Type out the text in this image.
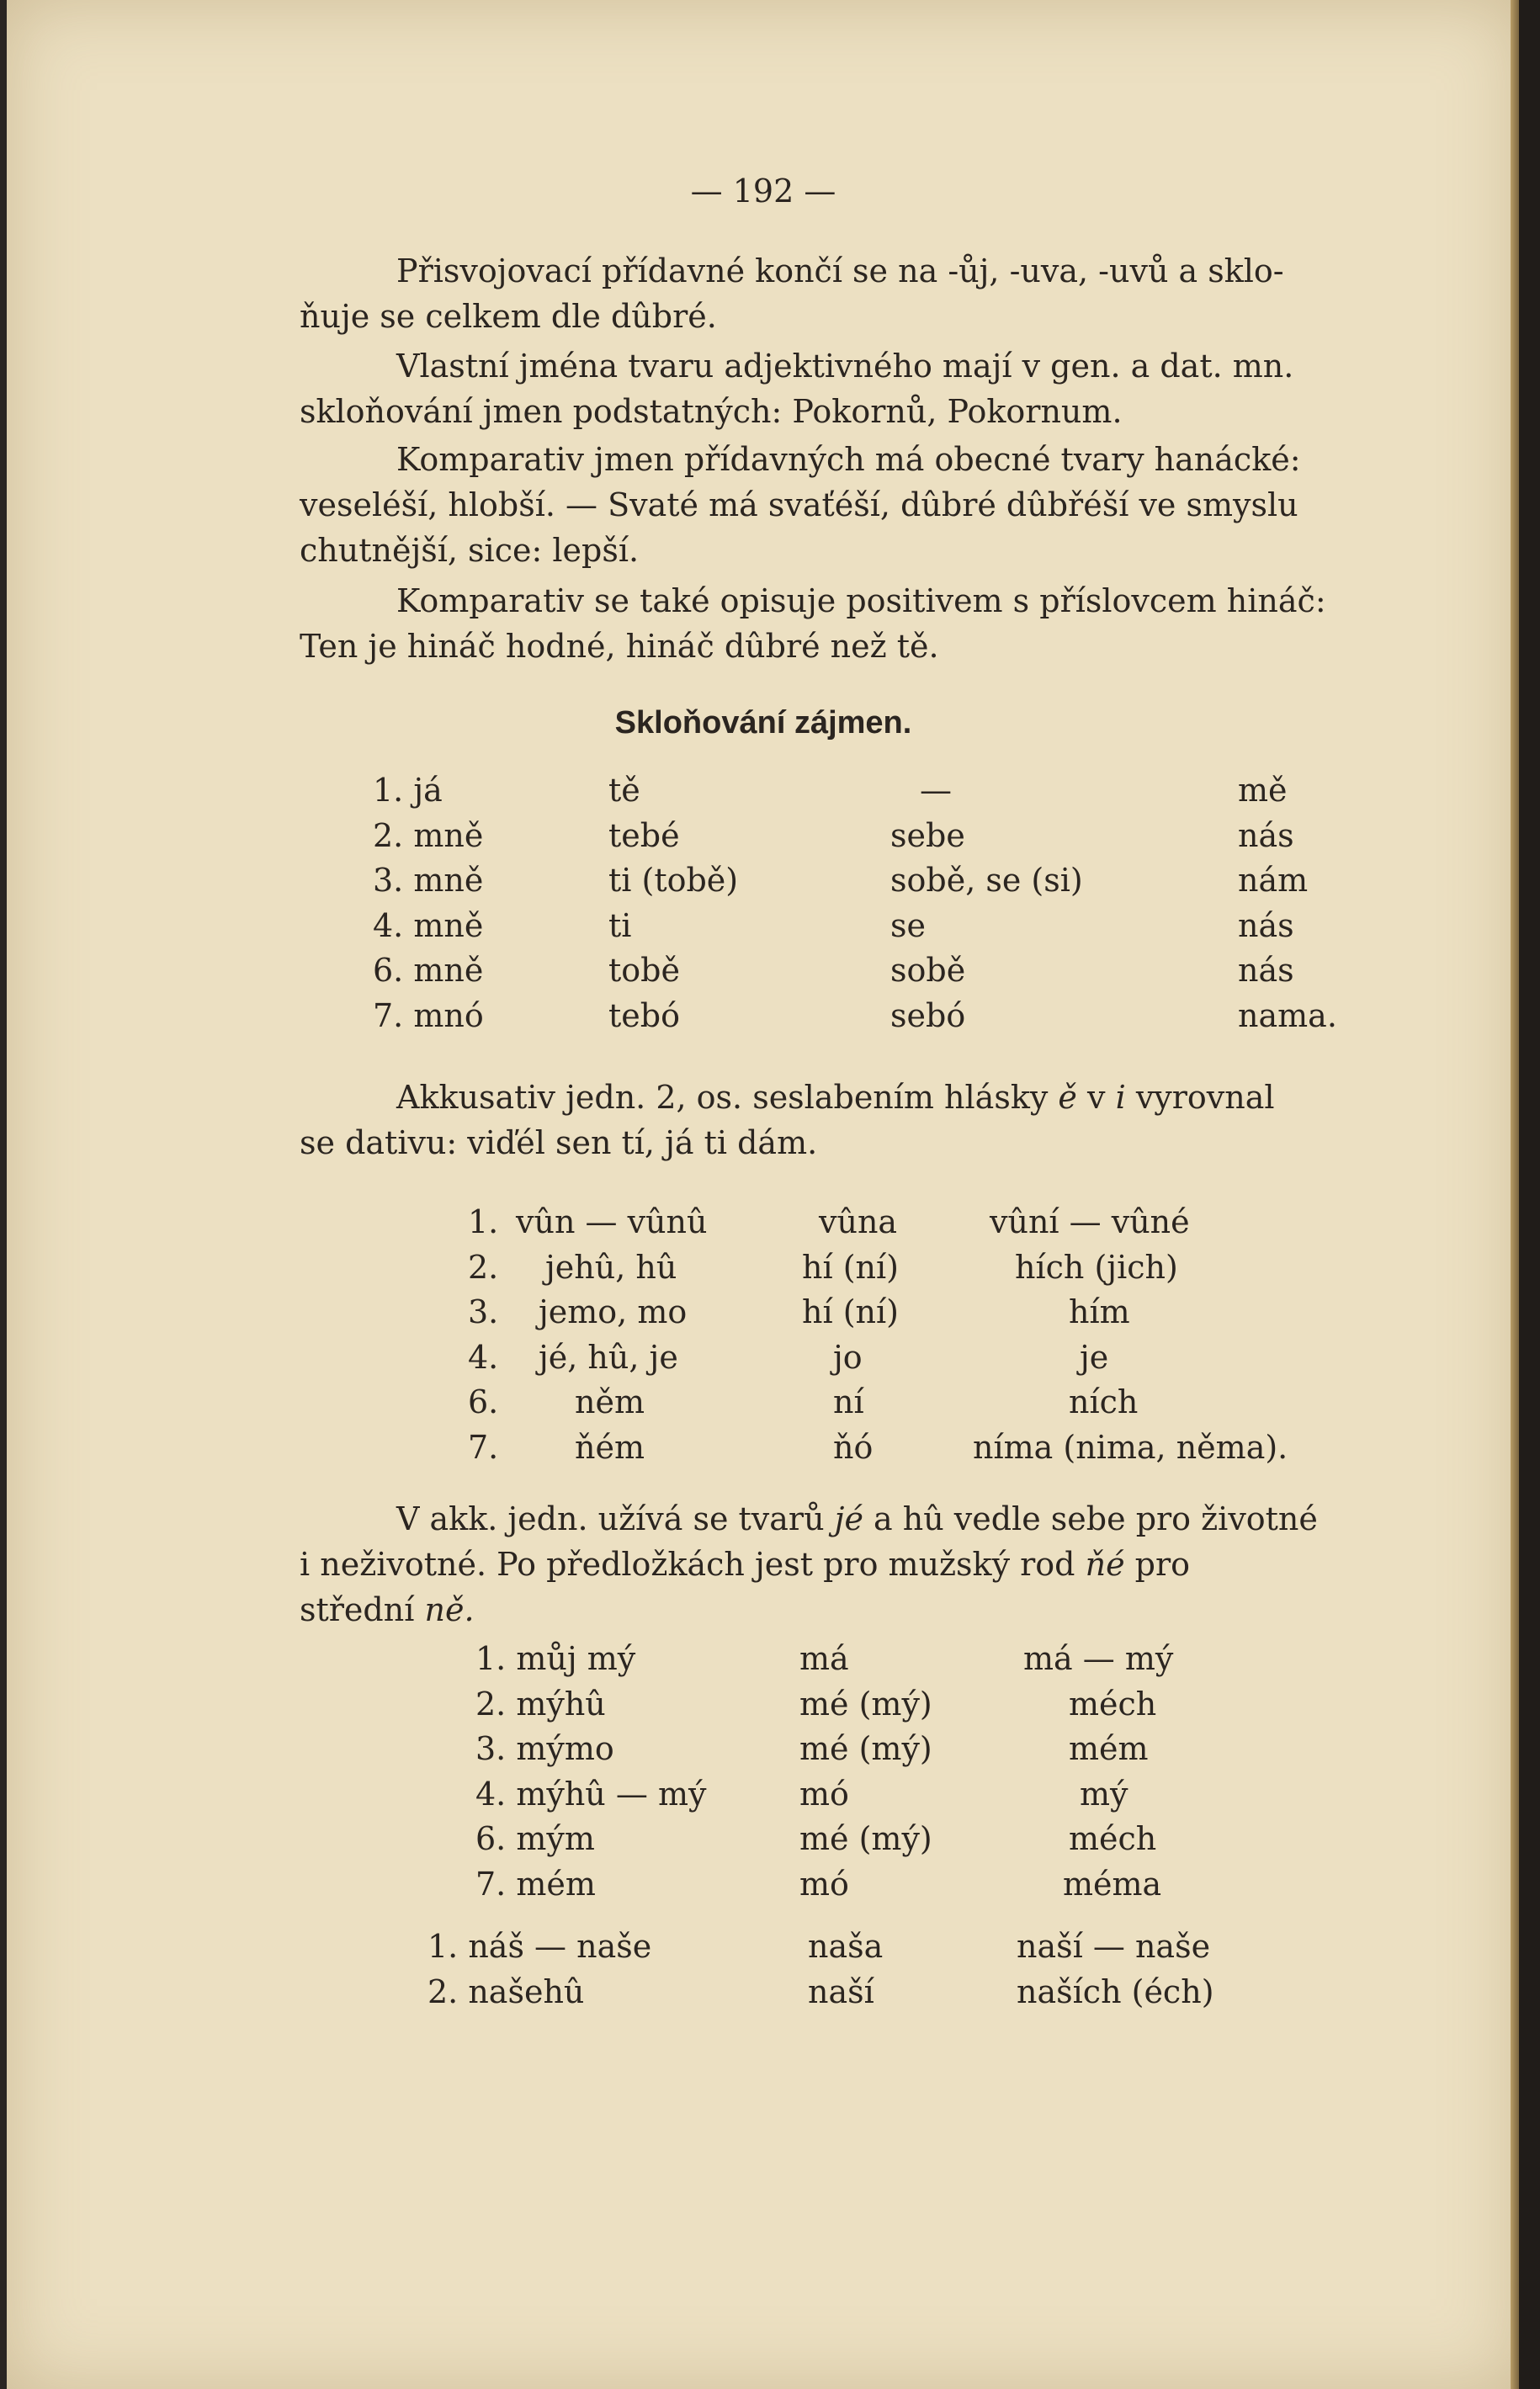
— 192 —
Přisvojovací přídavné končí se na -ůj, -uva, -uvů a sklo-
ňuje se celkem dle dûbré.
Vlastní jména tvaru adjektivného mají v gen. a dat. mn.
skloňování jmen podstatných: Pokornů, Pokornum.
Komparativ jmen přídavných má obecné tvary hanácké:
veseléší, hlobší. — Svaté má svaťéší, dûbré dûbřéší ve smyslu
chutnější, sice: lepší.
Komparativ se také opisuje positivem s příslovcem hináč:
Ten je hináč hodné, hináč dûbré než tě.
Skloňování zájmen.
1. já	tě	—	mě
2. mně	tebé	sebe	nás
3. mně	ti (tobě)	sobě, se (si)	nám
4. mně	ti	se	nás
6. mně	tobě	sobě	nás
7. mnó	tebó	sebó	nama.
Akkusativ jedn. 2, os. seslabením hlásky ě v i vyrovnal
se dativu: viďél sen tí, já ti dám.
1. vûn — vûnû	vûna	vûní — vûné
2. jehû, hû	hí (ní)	hích (jich)
3. jemo, mo	hí (ní)	hím
4. jé, hû, je	jo	je
6. něm	ní	ních
7. ňém	ňó	níma (nima, něma).
V akk. jedn. užívá se tvarů jé a hû vedle sebe pro životné
i neživotné. Po předložkách jest pro mužský rod ňé pro
střední ně.
1. můj mý	má	má — mý
2. mýhû	mé (mý)	méch
3. mýmo	mé (mý)	mém
4. mýhû — mý	mó	mý
6. mým	mé (mý)	méch
7. mém	mó	méma
1. náš — naše	naša	naší — naše
2. našehû	naší	naších (éch)
